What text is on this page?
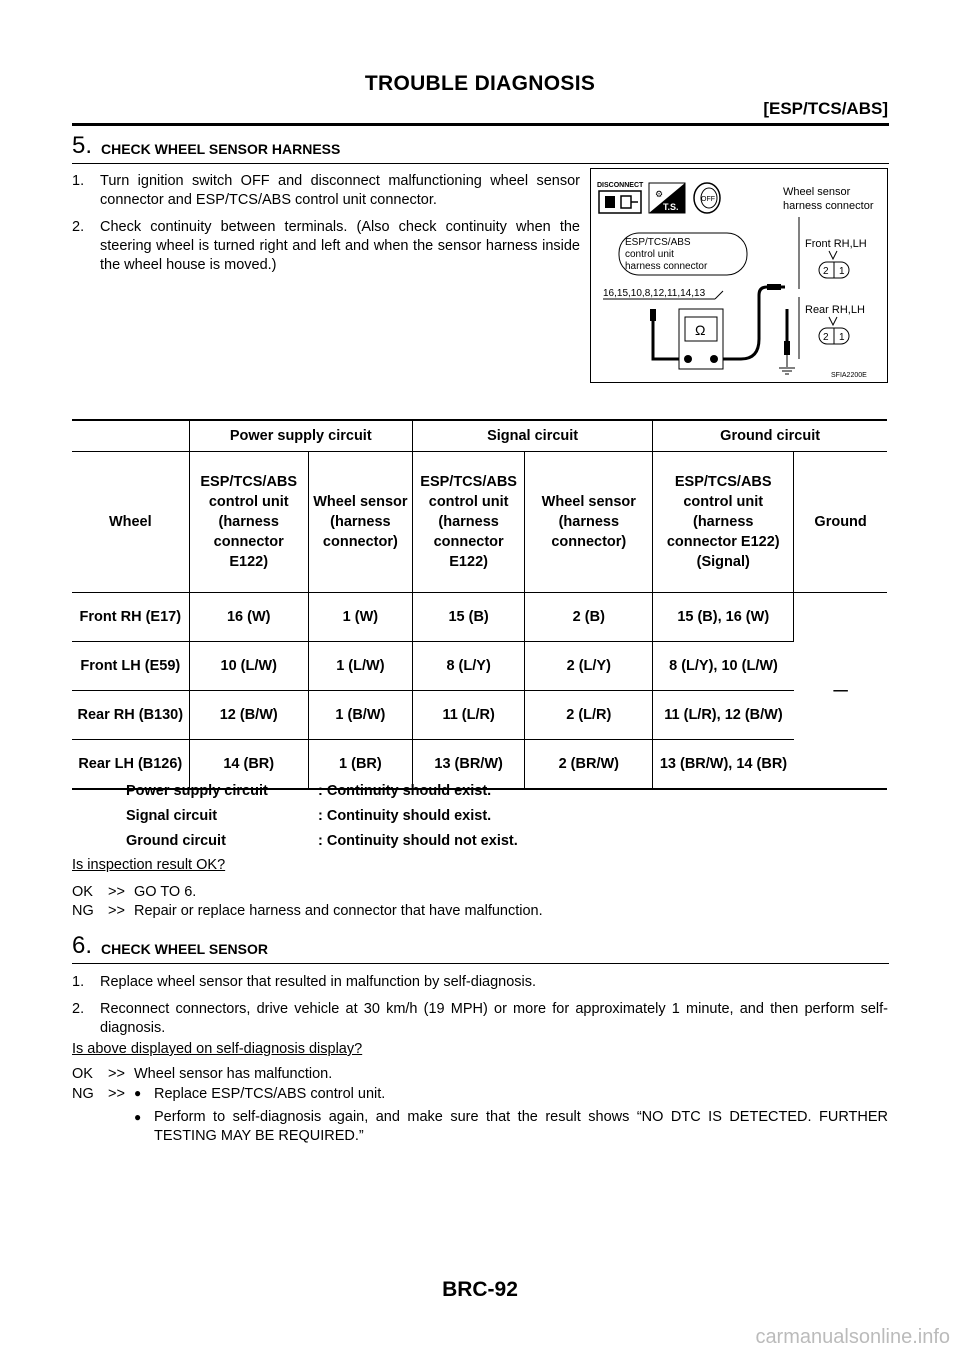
TROUBLE DIAGNOSIS
[ESP/TCS/ABS]
5. CHECK WHEEL SENSOR HARNESS
1. Turn ignition switch OFF and disconnect malfunctioning wheel sensor connector and ESP/TCS/ABS control unit connector.
2. Check continuity between terminals. (Also check continuity when the steering wheel is turned right and left and when the sensor harness inside the wheel house is moved.)
DISCONNECT
⚙
T.S.
OFF
Wheel sensor
harness connector
Front RH,LH
2 1
Rear RH,LH
2 1
ESP/TCS/ABS
control unit
harness connector
16,15,10,8,12,11,14,13
Ω
SFIA2200E
	Power supply circuit		Signal circuit		Ground circuit	
Wheel	ESP/TCS/ABS control unit (harness connector E122)	Wheel sensor (harness connector)	ESP/TCS/ABS control unit (harness connector E122)	Wheel sensor (harness connector)	ESP/TCS/ABS control unit (harness connector E122) (Signal)	Ground
Front RH (E17)	16 (W)	1 (W)	15 (B)	2 (B)	15 (B), 16 (W)	—
Front LH (E59)	10 (L/W)	1 (L/W)	8 (L/Y)	2 (L/Y)	8 (L/Y), 10 (L/W)	
Rear RH (B130)	12 (B/W)	1 (B/W)	11 (L/R)	2 (L/R)	11 (L/R), 12 (B/W)	
Rear LH (B126)	14 (BR)	1 (BR)	13 (BR/W)	2 (BR/W)	13 (BR/W), 14 (BR)	
Power supply circuit	: Continuity should exist.
Signal circuit	: Continuity should exist.
Ground circuit	: Continuity should not exist.
Is inspection result OK?
OK >> GO TO 6.
NG >> Repair or replace harness and connector that have malfunction.
6. CHECK WHEEL SENSOR
1. Replace wheel sensor that resulted in malfunction by self-diagnosis.
2. Reconnect connectors, drive vehicle at 30 km/h (19 MPH) or more for approximately 1 minute, and then perform self-diagnosis.
Is above displayed on self-diagnosis display?
OK >> Wheel sensor has malfunction.
NG >> ● Replace ESP/TCS/ABS control unit.
● Perform to self-diagnosis again, and make sure that the result shows “NO DTC IS DETECTED. FURTHER TESTING MAY BE REQUIRED.”
BRC-92
carmanualsonline.info
